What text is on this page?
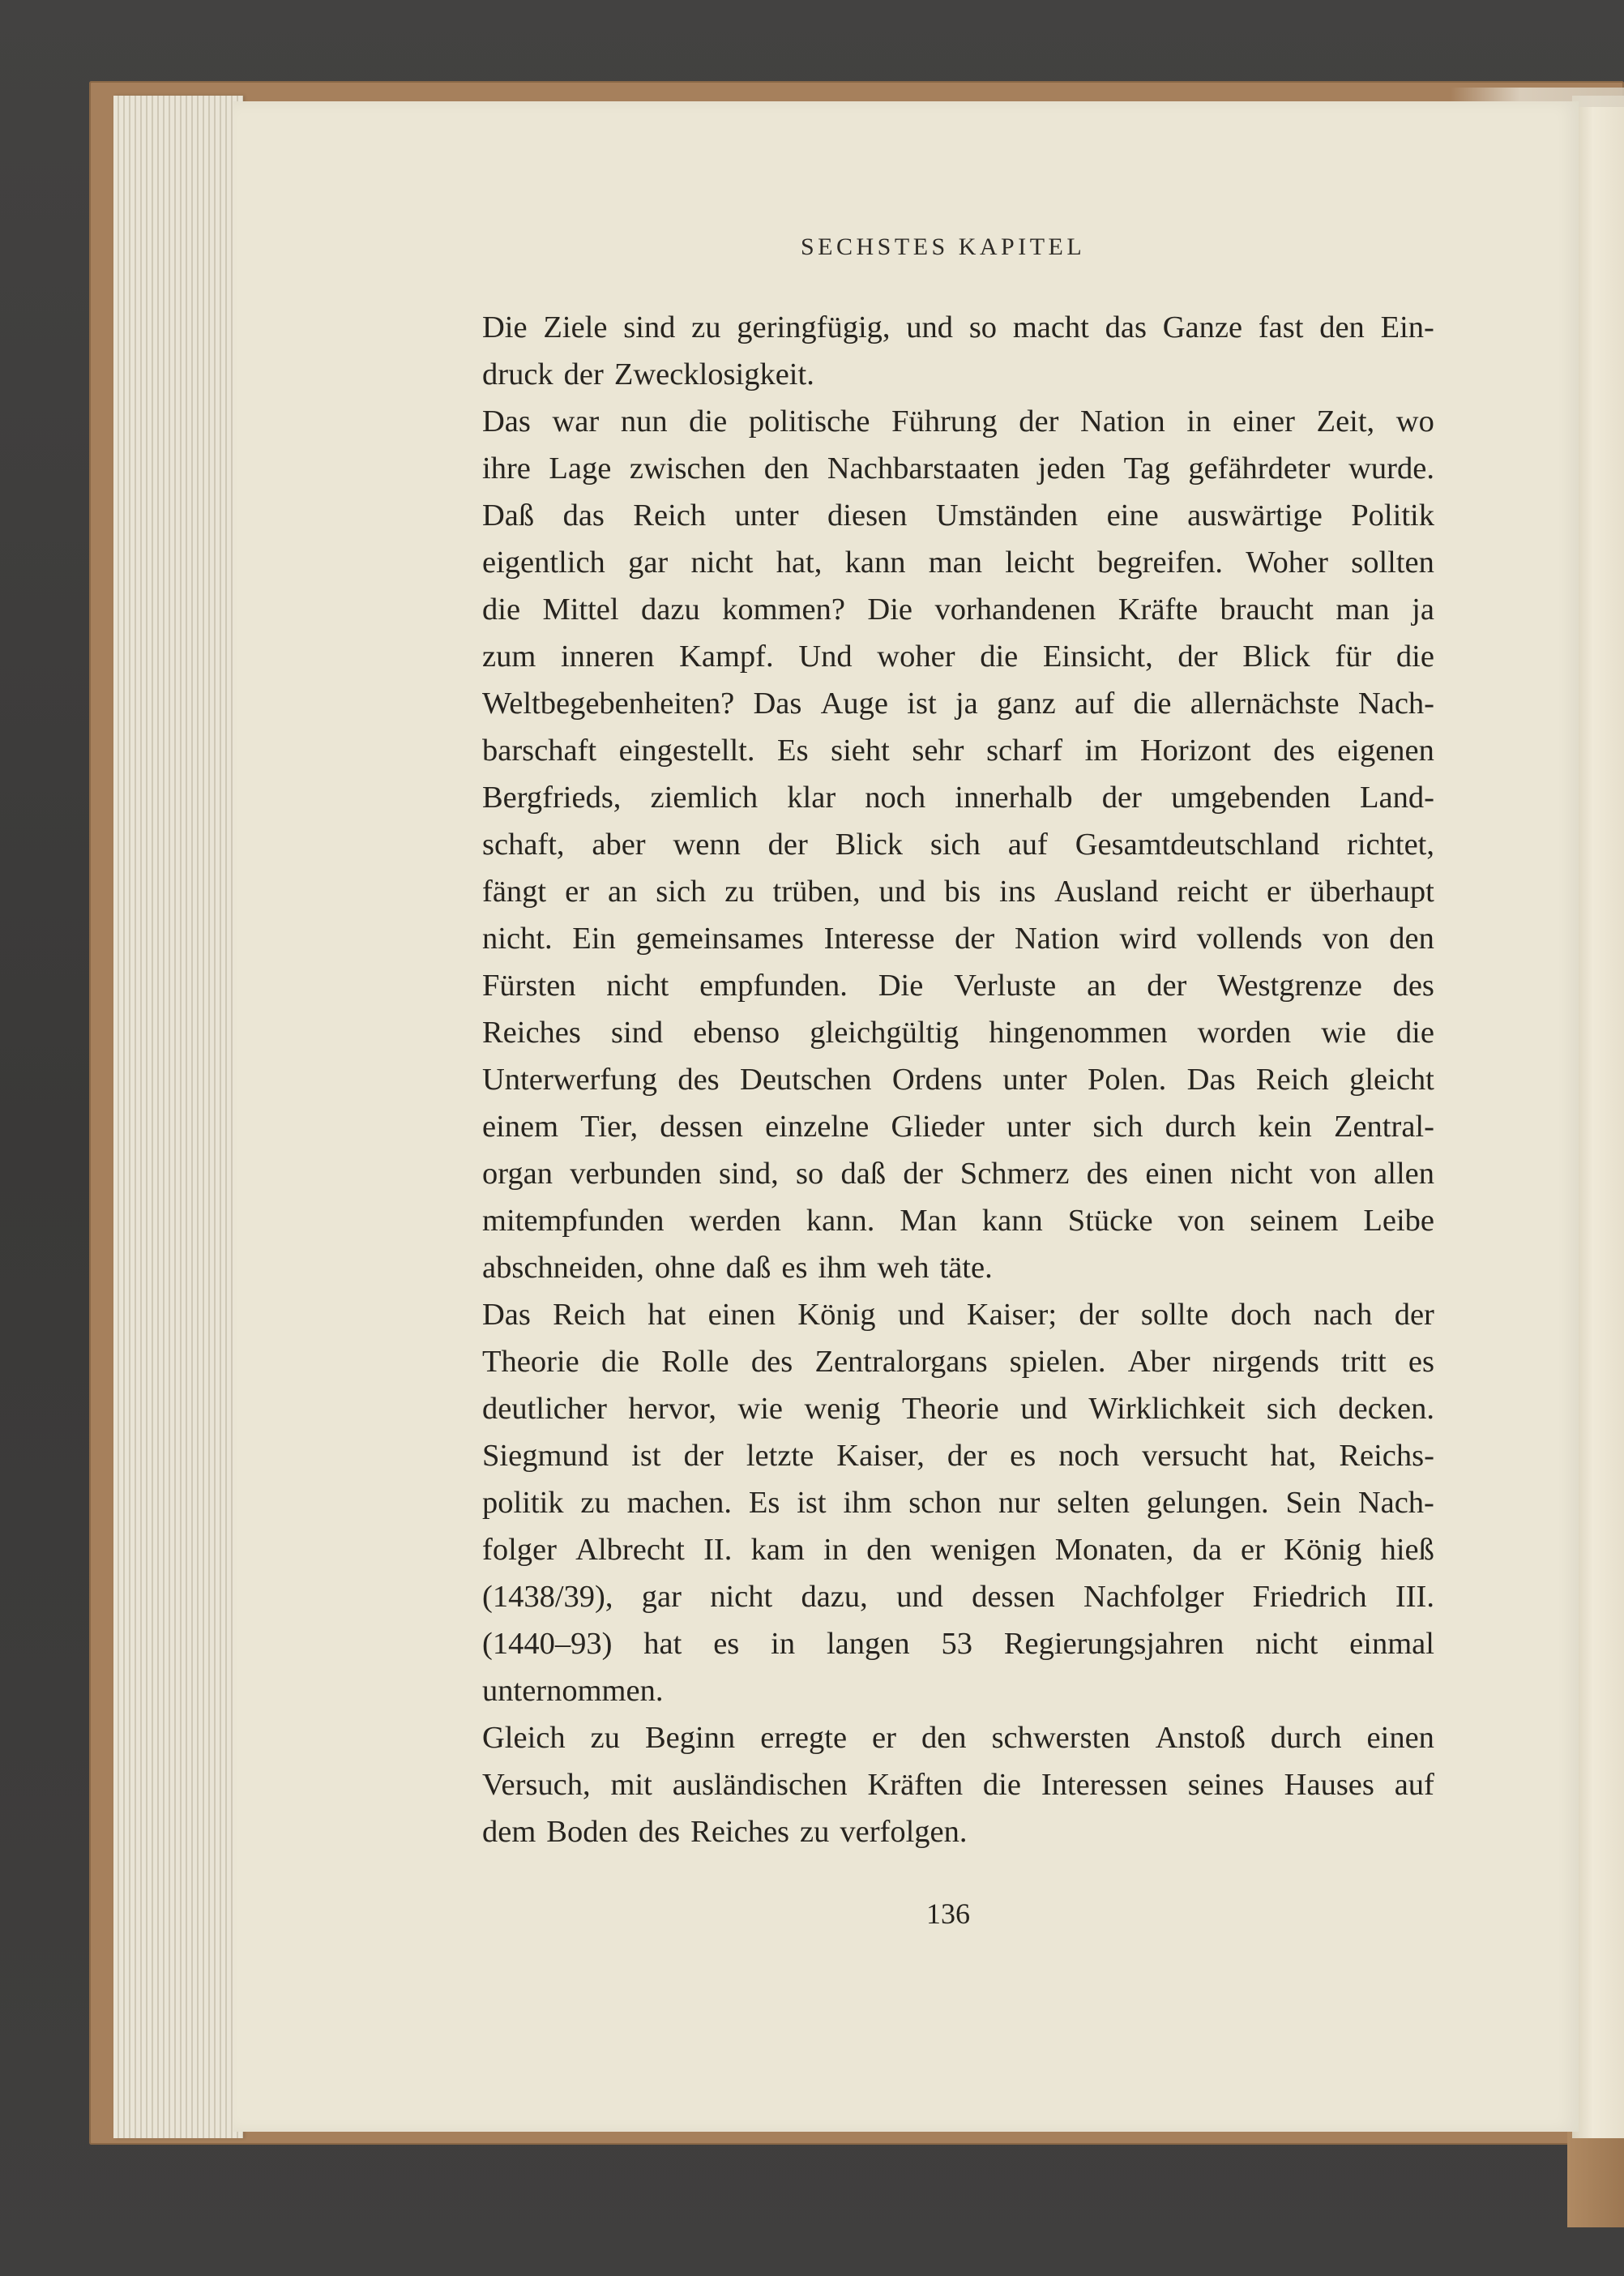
SECHSTES KAPITEL
Die Ziele sind zu geringfügig, und so macht das Ganze fast den Ein-
druck der Zwecklosigkeit.
Das war nun die politische Führung der Nation in einer Zeit, wo
ihre Lage zwischen den Nachbarstaaten jeden Tag gefährdeter wurde.
Daß das Reich unter diesen Umständen eine auswärtige Politik
eigentlich gar nicht hat, kann man leicht begreifen. Woher sollten
die Mittel dazu kommen? Die vorhandenen Kräfte braucht man ja
zum inneren Kampf. Und woher die Einsicht, der Blick für die
Weltbegebenheiten? Das Auge ist ja ganz auf die allernächste Nach-
barschaft eingestellt. Es sieht sehr scharf im Horizont des eigenen
Bergfrieds, ziemlich klar noch innerhalb der umgebenden Land-
schaft, aber wenn der Blick sich auf Gesamtdeutschland richtet,
fängt er an sich zu trüben, und bis ins Ausland reicht er überhaupt
nicht. Ein gemeinsames Interesse der Nation wird vollends von den
Fürsten nicht empfunden. Die Verluste an der Westgrenze des
Reiches sind ebenso gleichgültig hingenommen worden wie die
Unterwerfung des Deutschen Ordens unter Polen. Das Reich gleicht
einem Tier, dessen einzelne Glieder unter sich durch kein Zentral-
organ verbunden sind, so daß der Schmerz des einen nicht von allen
mitempfunden werden kann. Man kann Stücke von seinem Leibe
abschneiden, ohne daß es ihm weh täte.
Das Reich hat einen König und Kaiser; der sollte doch nach der
Theorie die Rolle des Zentralorgans spielen. Aber nirgends tritt es
deutlicher hervor, wie wenig Theorie und Wirklichkeit sich decken.
Siegmund ist der letzte Kaiser, der es noch versucht hat, Reichs-
politik zu machen. Es ist ihm schon nur selten gelungen. Sein Nach-
folger Albrecht II. kam in den wenigen Monaten, da er König hieß
(1438/39), gar nicht dazu, und dessen Nachfolger Friedrich III.
(1440–93) hat es in langen 53 Regierungsjahren nicht einmal
unternommen.
Gleich zu Beginn erregte er den schwersten Anstoß durch einen
Versuch, mit ausländischen Kräften die Interessen seines Hauses auf
dem Boden des Reiches zu verfolgen.
136
